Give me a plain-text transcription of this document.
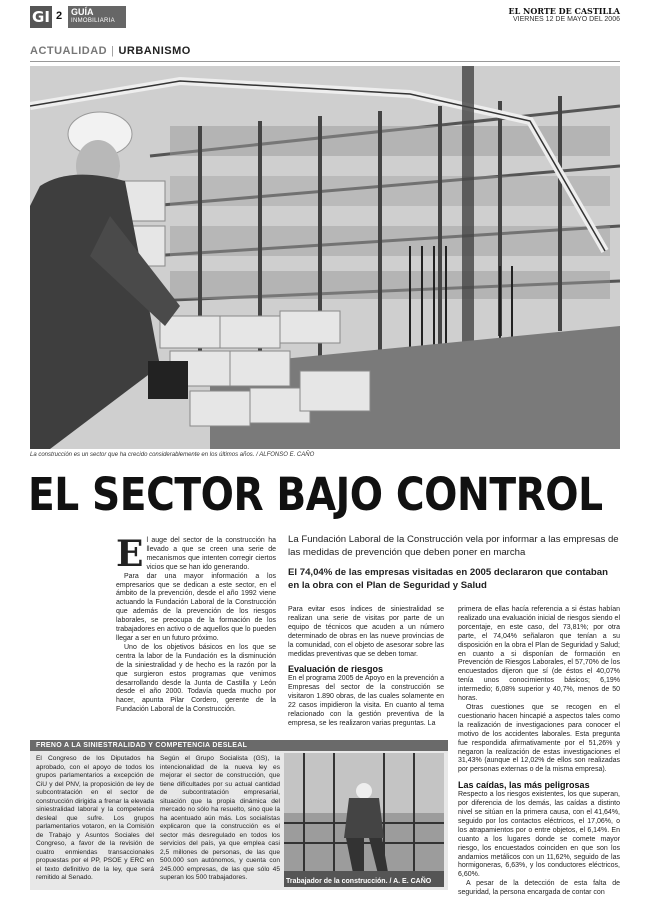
GI 2 GUÍA
INMOBILIARIA
EL NORTE DE CASTILLA
VIERNES 12 DE MAYO DEL 2006
ACTUALIDAD | URBANISMO
La construcción es un sector que ha crecido considerablemente en los últimos años. / ALFONSO E. CAÑO
EL SECTOR BAJO CONTROL
La Fundación Laboral de la Construcción vela por informar a las empresas de las medidas de prevención que deben poner en marcha
El 74,04% de las empresas visitadas en 2005 declararon que contaban en la obra con el Plan de Seguridad y Salud

El auge del sector de la construcción ha llevado a que se creen una serie de mecanismos que intenten corregir ciertos vicios que se han ido generando.

Para dar una mayor información a los empresarios que se dedican a este sector, en el ámbito de la prevención, desde el año 1992 viene actuando la Fundación Laboral de la Construcción que además de la prevención de los riesgos laborales, se preocupa de la formación de los trabajadores en activo o de aquellos que lo pueden llegar a ser en un futuro próximo.

Uno de los objetivos básicos en los que se centra la labor de la Fundación es la disminución de la siniestralidad y de hecho es la razón por la que surgieron estos programas que venimos desarrollando desde la Junta de Castilla y León desde el año 2000. Todavía queda mucho por hacer, apunta Pilar Cordero, gerente de la Fundación Laboral de la Construcción.

Para evitar esos índices de siniestralidad se realizan una serie de visitas por parte de un equipo de técnicos que acuden a un número determinado de obras en las nueve provincias de la comunidad, con el objeto de asesorar sobre las medidas preventivas que se deben tomar.

Evaluación de riesgos

En el programa 2005 de Apoyo en la prevención a Empresas del sector de la construcción se visitaron 1.890 obras, de las cuales solamente en 22 casos impidieron la visita. En cuanto al tema relacionado con la gestión preventiva de la empresa, se les realizaron varias preguntas. La

primera de ellas hacía referencia a si éstas habían realizado una evaluación inicial de riesgos siendo el porcentaje, en este caso, del 73,81%; por otra parte, el 74,04% señalaron que tenían a su disposición en la obra el Plan de Seguridad y Salud; en cuanto a si disponían de formación en Prevención de Riesgos Laborales, el 57,70% de los encuestados dijeron que sí (de éstos el 40,07% tenía unos conocimientos básicos; 6,19% intermedio; 6,08% superior y 40,7%, menos de 50 horas.

Otras cuestiones que se recogen en el cuestionario hacen hincapié a aspectos tales como la realización de investigaciones para conocer el motivo de los accidentes laborales. Esta pregunta fue respondida afirmativamente por el 51,26% y negaron la realización de estas investigaciones el 31,43% (aunque el 12,02% de ellos son realizadas por personas externas o de la misma empresa).

Las caídas, las más peligrosas

Respecto a los riesgos existentes, los que superan, por diferencia de los demás, las caídas a distinto nivel se sitúan en la primera causa, con el 41,64%, seguido por los contactos eléctricos, el 17,06%, o los atrapamientos por o entre objetos, el 6,14%. En cuanto a los lugares donde se comete mayor riesgo, los encuestados coinciden en que son los andamios metálicos con un 11,62%, seguido de las hormigoneras, 6,63%, y los conductores eléctricos, 6,60%.

A pesar de la detección de esta falta de seguridad, la persona encargada de contar con

FRENO A LA SINIESTRALIDAD Y COMPETENCIA DESLEAL

El Congreso de los Diputados ha aprobado, con el apoyo de todos los grupos parlamentarios a excepción de CiU y del PNV, la proposición de ley de subcontratación en el sector de construcción dirigida a frenar la elevada siniestralidad laboral y la competencia desleal que sufre. Los grupos parlamentarios votaron, en la Comisión de Trabajo y Asuntos Sociales del Congreso, a favor de la revisión de cuatro enmiendas transaccionales propuestas por el PP, PSOE y ERC en el texto definitivo de la ley, que será remitido al Senado.

Según el Grupo Socialista (GS), la intencionalidad de la nueva ley es mejorar el sector de construcción, que tiene difícultades por su actual cantidad de subcontratación empresarial, situación que la propia dinámica del mercado no sólo ha resuelto, sino que la ha acentuado aún más. Los socialistas explicaron que la construcción es el sector más desregulado en todos los servicios del país, ya que emplea casi 2,5 millones de personas, de las que 500.000 son autónomos, y cuenta con 245.000 empresas, de las que sólo 45 superan los 500 trabajadores.

Trabajador de la construcción. / A. E. CAÑO
